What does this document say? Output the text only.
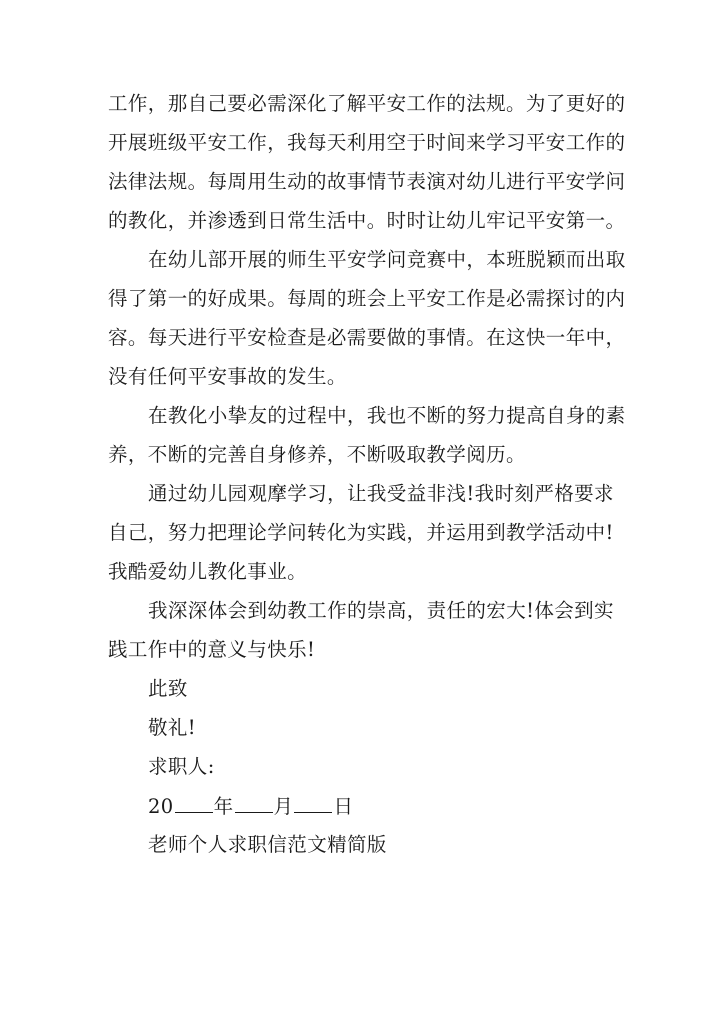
工作，那自己要必需深化了解平安工作的法规。为了更好的
开展班级平安工作，我每天利用空于时间来学习平安工作的
法律法规。每周用生动的故事情节表演对幼儿进行平安学问
的教化，并渗透到日常生活中。时时让幼儿牢记平安第一。
在幼儿部开展的师生平安学问竞赛中，本班脱颖而出取
得了第一的好成果。每周的班会上平安工作是必需探讨的内
容。每天进行平安检查是必需要做的事情。在这快一年中，
没有任何平安事故的发生。
在教化小挚友的过程中，我也不断的努力提高自身的素
养，不断的完善自身修养，不断吸取教学阅历。
通过幼儿园观摩学习，让我受益非浅!我时刻严格要求
自己，努力把理论学问转化为实践，并运用到教学活动中!
我酷爱幼儿教化事业。
我深深体会到幼教工作的崇高，责任的宏大!体会到实
践工作中的意义与快乐!
此致
敬礼!
求职人:
20 年 月 日
老师个人求职信范文精简版
